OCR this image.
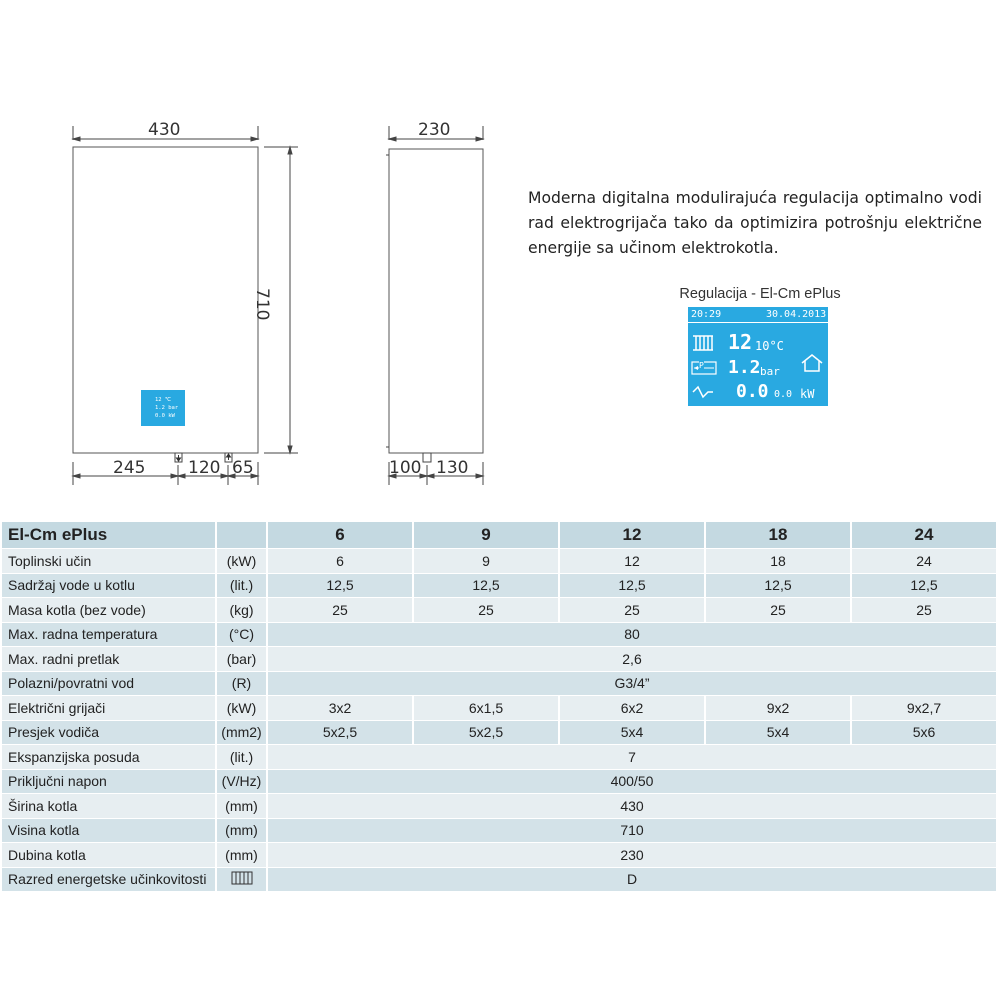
430
710
245	120 65
230
100 130
12 ℃
1.2 bar
0.0 kW
Moderna digitalna modulirajuća regulacija optimalno vodi rad elektrogrijača tako da optimizira potrošnju električne energije sa učinom elektrokotla.
Regulacija - El-Cm ePlus
20:29	30.04.2013.
12 10°C
P 1.2 bar
0.0 0.0 kW
El-Cm ePlus		6	9	12	18	24
Toplinski učin	(kW)	6	9	12	18	24
Sadržaj vode u kotlu	(lit.)	12,5	12,5	12,5	12,5	12,5
Masa kotla (bez vode)	(kg)	25	25	25	25	25
Max. radna temperatura	(°C)	80				
Max. radni pretlak	(bar)	2,6				
Polazni/povratni vod	(R)	G3/4”				
Električni grijači	(kW)	3x2	6x1,5	6x2	9x2	9x2,7
Presjek vodiča	(mm2)	5x2,5	5x2,5	5x4	5x4	5x6
Ekspanzijska posuda	(lit.)	7				
Priključni napon	(V/Hz)	400/50				
Širina kotla	(mm)	430				
Visina kotla	(mm)	710				
Dubina kotla	(mm)	230				
Razred energetske učinkovitosti		D				
